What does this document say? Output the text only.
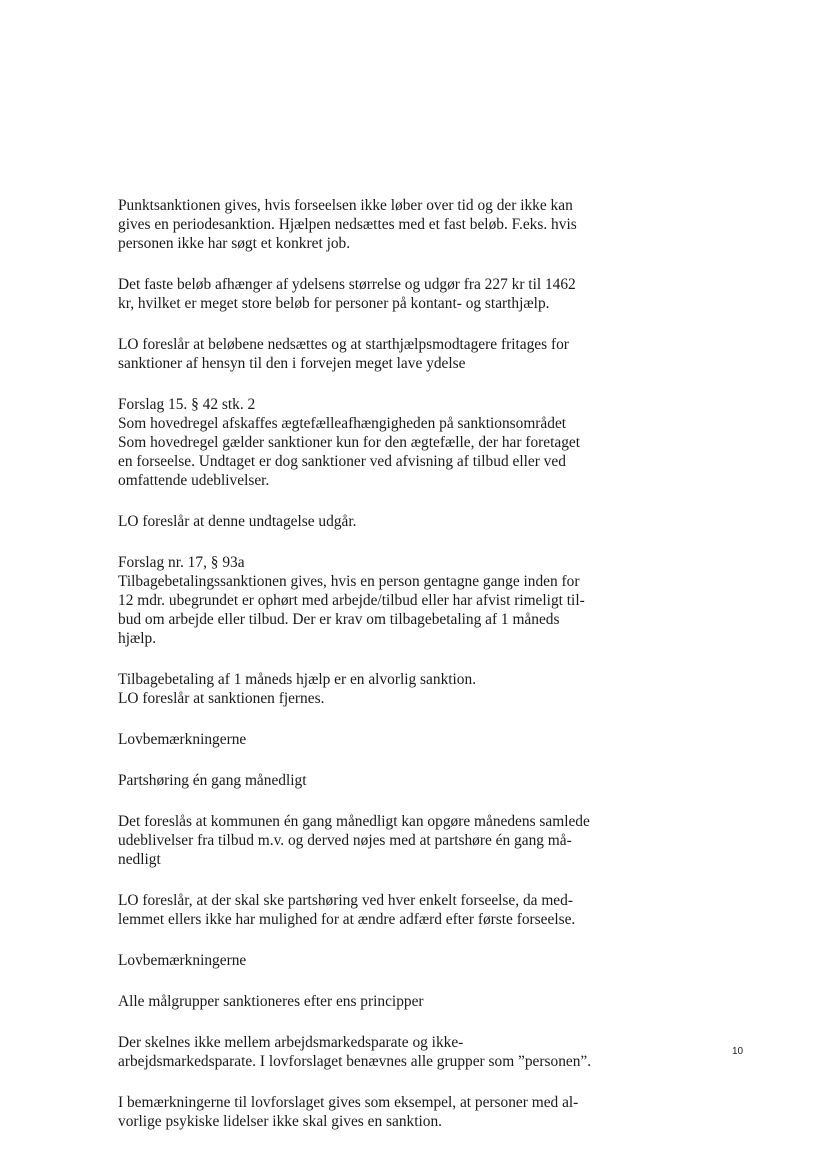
Punktsanktionen gives, hvis forseelsen ikke løber over tid og der ikke kan
gives en periodesanktion. Hjælpen nedsættes med et fast beløb. F.eks. hvis
personen ikke har søgt et konkret job.

Det faste beløb afhænger af ydelsens størrelse og udgør fra 227 kr til 1462
kr, hvilket er meget store beløb for personer på kontant- og starthjælp.

LO foreslår at beløbene nedsættes og at starthjælpsmodtagere fritages for
sanktioner af hensyn til den i forvejen meget lave ydelse

Forslag 15. § 42 stk. 2
Som hovedregel afskaffes ægtefælleafhængigheden på sanktionsområdet
Som hovedregel gælder sanktioner kun for den ægtefælle, der har foretaget
en forseelse. Undtaget er dog sanktioner ved afvisning af tilbud eller ved
omfattende udeblivelser.

LO foreslår at denne undtagelse udgår.

Forslag nr. 17, § 93a
Tilbagebetalingssanktionen gives, hvis en person gentagne gange inden for
12 mdr. ubegrundet er ophørt med arbejde/tilbud eller har afvist rimeligt til-
bud om arbejde eller tilbud. Der er krav om tilbagebetaling af 1 måneds
hjælp.

Tilbagebetaling af 1 måneds hjælp er en alvorlig sanktion.
LO foreslår at sanktionen fjernes.

Lovbemærkningerne

Partshøring én gang månedligt

Det foreslås at kommunen én gang månedligt kan opgøre månedens samlede
udeblivelser fra tilbud m.v. og derved nøjes med at partshøre én gang må-
nedligt

LO foreslår, at der skal ske partshøring ved hver enkelt forseelse, da med-
lemmet ellers ikke har mulighed for at ændre adfærd efter første forseelse.

Lovbemærkningerne

Alle målgrupper sanktioneres efter ens principper

Der skelnes ikke mellem arbejdsmarkedsparate og ikke-
arbejdsmarkedsparate. I lovforslaget benævnes alle grupper som ”personen”.

I bemærkningerne til lovforslaget gives som eksempel, at personer med al-
vorlige psykiske lidelser ikke skal gives en sanktion.

10
